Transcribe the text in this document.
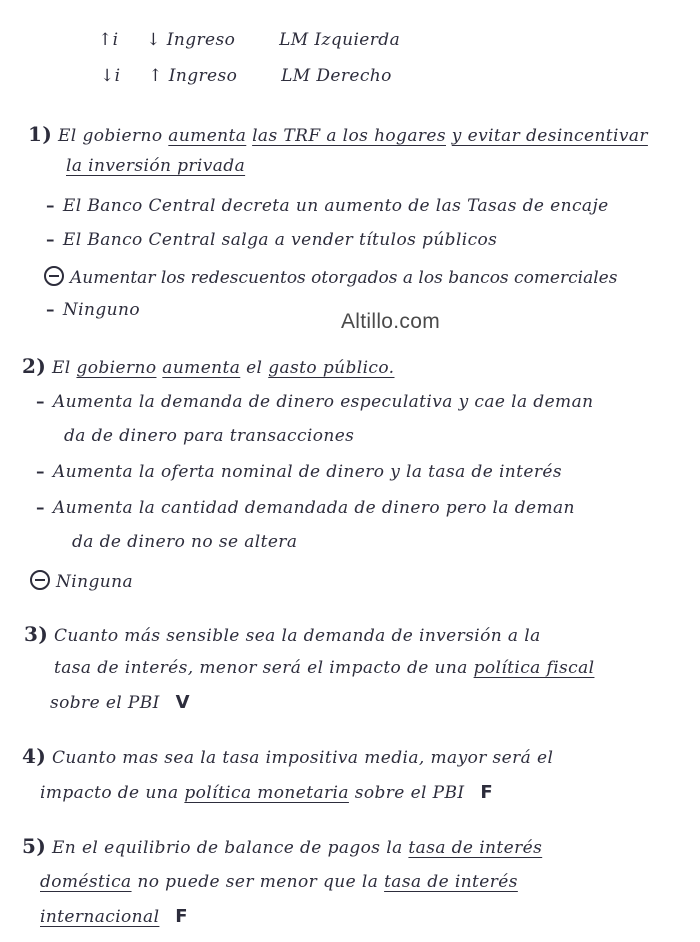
↑i ↓ Ingreso	LM Izquierda
↓i ↑ Ingreso	LM Derecho
1) El gobierno aumenta las TRF a los hogares y evitar desincentivar
la inversión privada
– El Banco Central decreta un aumento de las Tasas de encaje
– El Banco Central salga a vender títulos públicos
Aumentar los redescuentos otorgados a los bancos comerciales
– Ninguno	Altillo.com
2) El gobierno aumenta el gasto público.
– Aumenta la demanda de dinero especulativa y cae la deman
da de dinero para transacciones
– Aumenta la oferta nominal de dinero y la tasa de interés
– Aumenta la cantidad demandada de dinero pero la deman
da de dinero no se altera
Ninguna
3) Cuanto más sensible sea la demanda de inversión a la
tasa de interés, menor será el impacto de una política fiscal
sobre el PBI V
4) Cuanto mas sea la tasa impositiva media, mayor será el
impacto de una política monetaria sobre el PBI F
5) En el equilibrio de balance de pagos la tasa de interés
doméstica no puede ser menor que la tasa de interés
internacional F
